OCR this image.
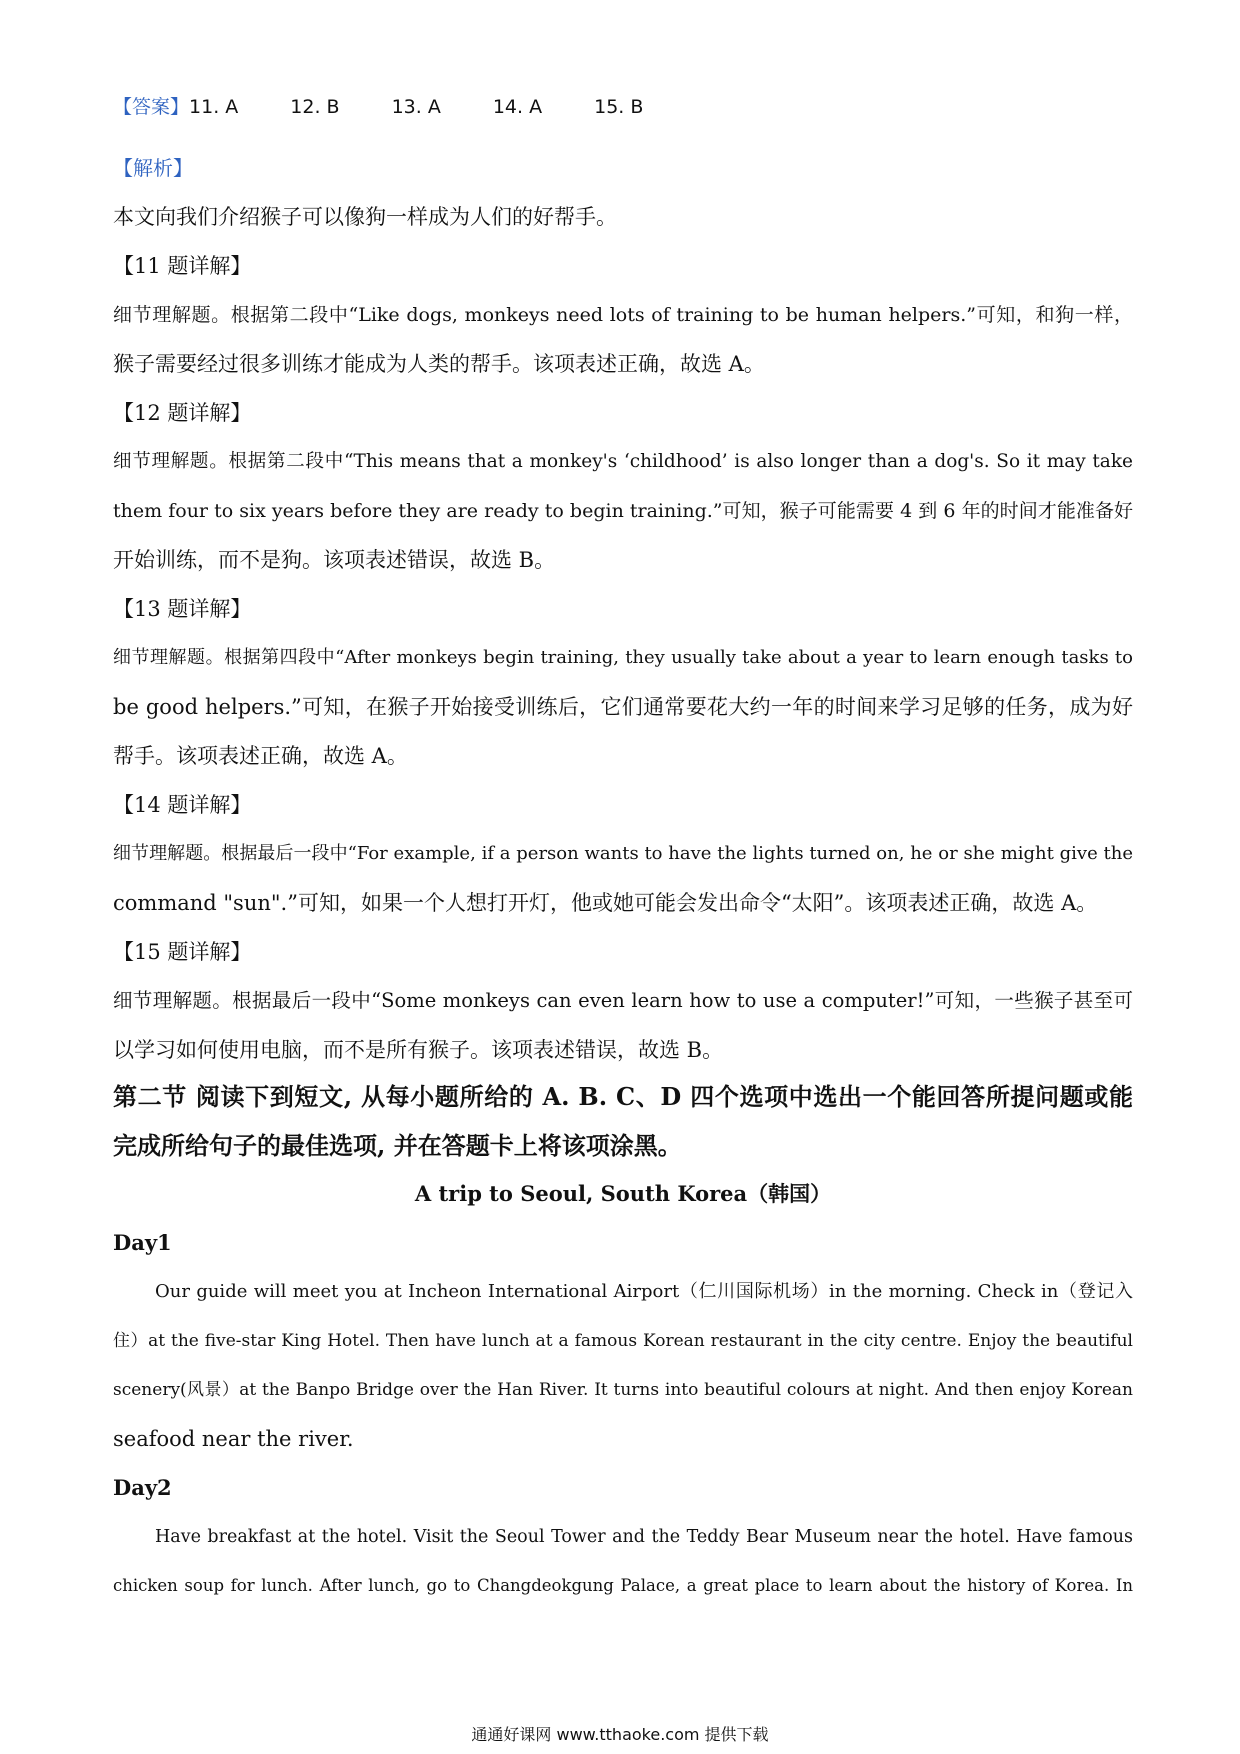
【答案】11. A	12. B	13. A	14. A	15. B
【解析】
本文向我们介绍猴子可以像狗一样成为人们的好帮手。
【11 题详解】
细节理解题。根据第二段中“Like dogs, monkeys need lots of training to be human helpers.”可知，和狗一样，
猴子需要经过很多训练才能成为人类的帮手。该项表述正确，故选 A。
【12 题详解】
细节理解题。根据第二段中“This means that a monkey's ‘childhood’ is also longer than a dog's. So it may take
them four to six years before they are ready to begin training.”可知，猴子可能需要 4 到 6 年的时间才能准备好
开始训练，而不是狗。该项表述错误，故选 B。
【13 题详解】
细节理解题。根据第四段中“After monkeys begin training, they usually take about a year to learn enough tasks to
be good helpers.”可知，在猴子开始接受训练后，它们通常要花大约一年的时间来学习足够的任务，成为好
帮手。该项表述正确，故选 A。
【14 题详解】
细节理解题。根据最后一段中“For example, if a person wants to have the lights turned on, he or she might give the
command "sun".”可知，如果一个人想打开灯，他或她可能会发出命令“太阳”。该项表述正确，故选 A。
【15 题详解】
细节理解题。根据最后一段中“Some monkeys can even learn how to use a computer!”可知，一些猴子甚至可
以学习如何使用电脑，而不是所有猴子。该项表述错误，故选 B。
第二节 阅读下到短文, 从每小题所给的 A. B. C、D 四个选项中选出一个能回答所提问题或能
完成所给句子的最佳选项, 并在答题卡上将该项涂黑。
A trip to Seoul, South Korea（韩国）
Day1
Our guide will meet you at Incheon International Airport（仁川国际机场）in the morning. Check in（登记入
住）at the five-star King Hotel. Then have lunch at a famous Korean restaurant in the city centre. Enjoy the beautiful
scenery(风景）at the Banpo Bridge over the Han River. It turns into beautiful colours at night. And then enjoy Korean
seafood near the river.
Day2
Have breakfast at the hotel. Visit the Seoul Tower and the Teddy Bear Museum near the hotel. Have famous
chicken soup for lunch. After lunch, go to Changdeokgung Palace, a great place to learn about the history of Korea. In
通通好课网 www.tthaoke.com 提供下载
